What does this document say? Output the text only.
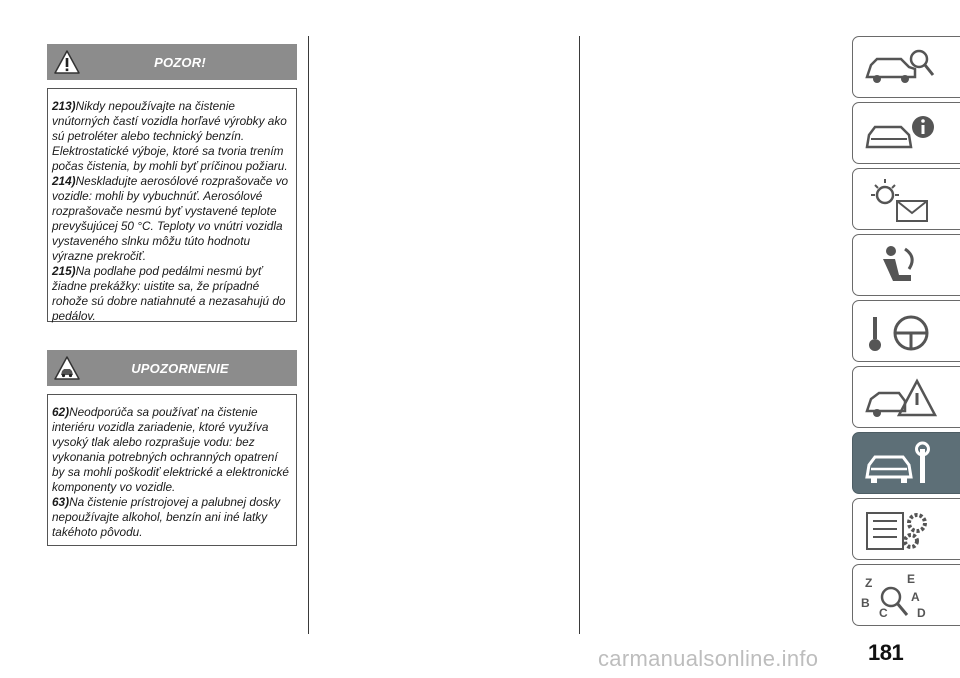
POZOR!

213)Nikdy nepoužívajte na čistenie vnútorných častí vozidla horľavé výrobky ako sú petroléter alebo technický benzín. Elektrostatické výboje, ktoré sa tvoria trením počas čistenia, by mohli byť príčinou požiaru.

214)Neskladujte aerosólové rozprašovače vo vozidle: mohli by vybuchnúť. Aerosólové rozprašovače nesmú byť vystavené teplote prevyšujúcej 50 °C. Teploty vo vnútri vozidla vystaveného slnku môžu túto hodnotu výrazne prekročiť.

215)Na podlahe pod pedálmi nesmú byť žiadne prekážky: uistite sa, že prípadné rohože sú dobre natiahnuté a nezasahujú do pedálov.

UPOZORNENIE

62)Neodporúča sa používať na čistenie interiéru vozidla zariadenie, ktoré využíva vysoký tlak alebo rozprašuje vodu: bez vykonania potrebných ochranných opatrení by sa mohli poškodiť elektrické a elektronické komponenty vo vozidle.

63)Na čistenie prístrojovej a palubnej dosky nepoužívajte alkohol, benzín ani iné latky takéhoto pôvodu.

Z	E
B	A
C D
181
carmanualsonline.info
